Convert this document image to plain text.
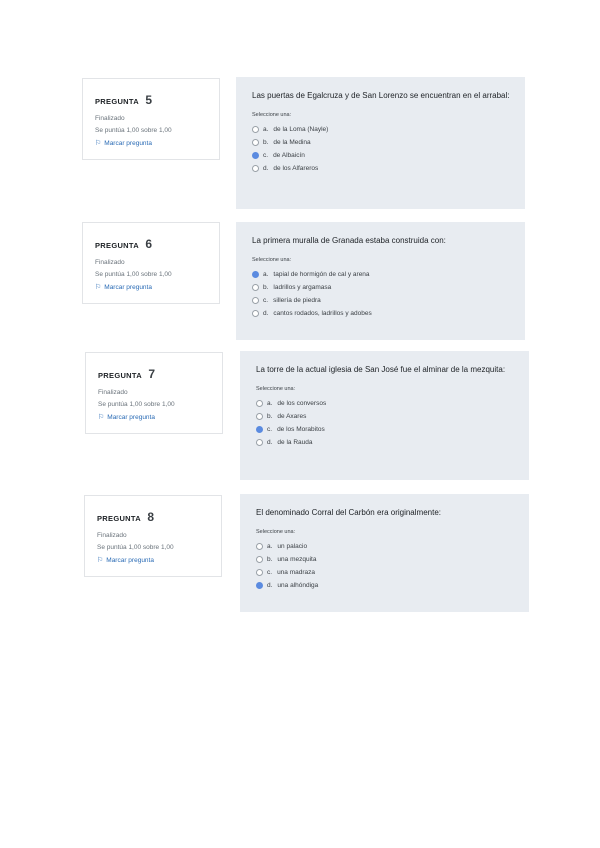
PREGUNTA 5
Finalizado
Se puntúa 1,00 sobre 1,00
⚐ Marcar pregunta

Las puertas de Egalcruza y de San Lorenzo se encuentran en el arrabal:

Seleccione una:
a. de la Loma (Nayle)
b. de la Medina
c. de Albaicín
d. de los Alfareros
PREGUNTA 6
Finalizado
Se puntúa 1,00 sobre 1,00
⚐ Marcar pregunta

La primera muralla de Granada estaba construida con:

Seleccione una:
a. tapial de hormigón de cal y arena
b. ladrillos y argamasa
c. sillería de piedra
d. cantos rodados, ladrillos y adobes
PREGUNTA 7
Finalizado
Se puntúa 1,00 sobre 1,00
⚐ Marcar pregunta

La torre de la actual iglesia de San José fue el alminar de la mezquita:

Seleccione una:
a. de los conversos
b. de Axares
c. de los Morabitos
d. de la Rauda
PREGUNTA 8
Finalizado
Se puntúa 1,00 sobre 1,00
⚐ Marcar pregunta

El denominado Corral del Carbón era originalmente:

Seleccione una:
a. un palacio
b. una mezquita
c. una madraza
d. una alhóndiga
